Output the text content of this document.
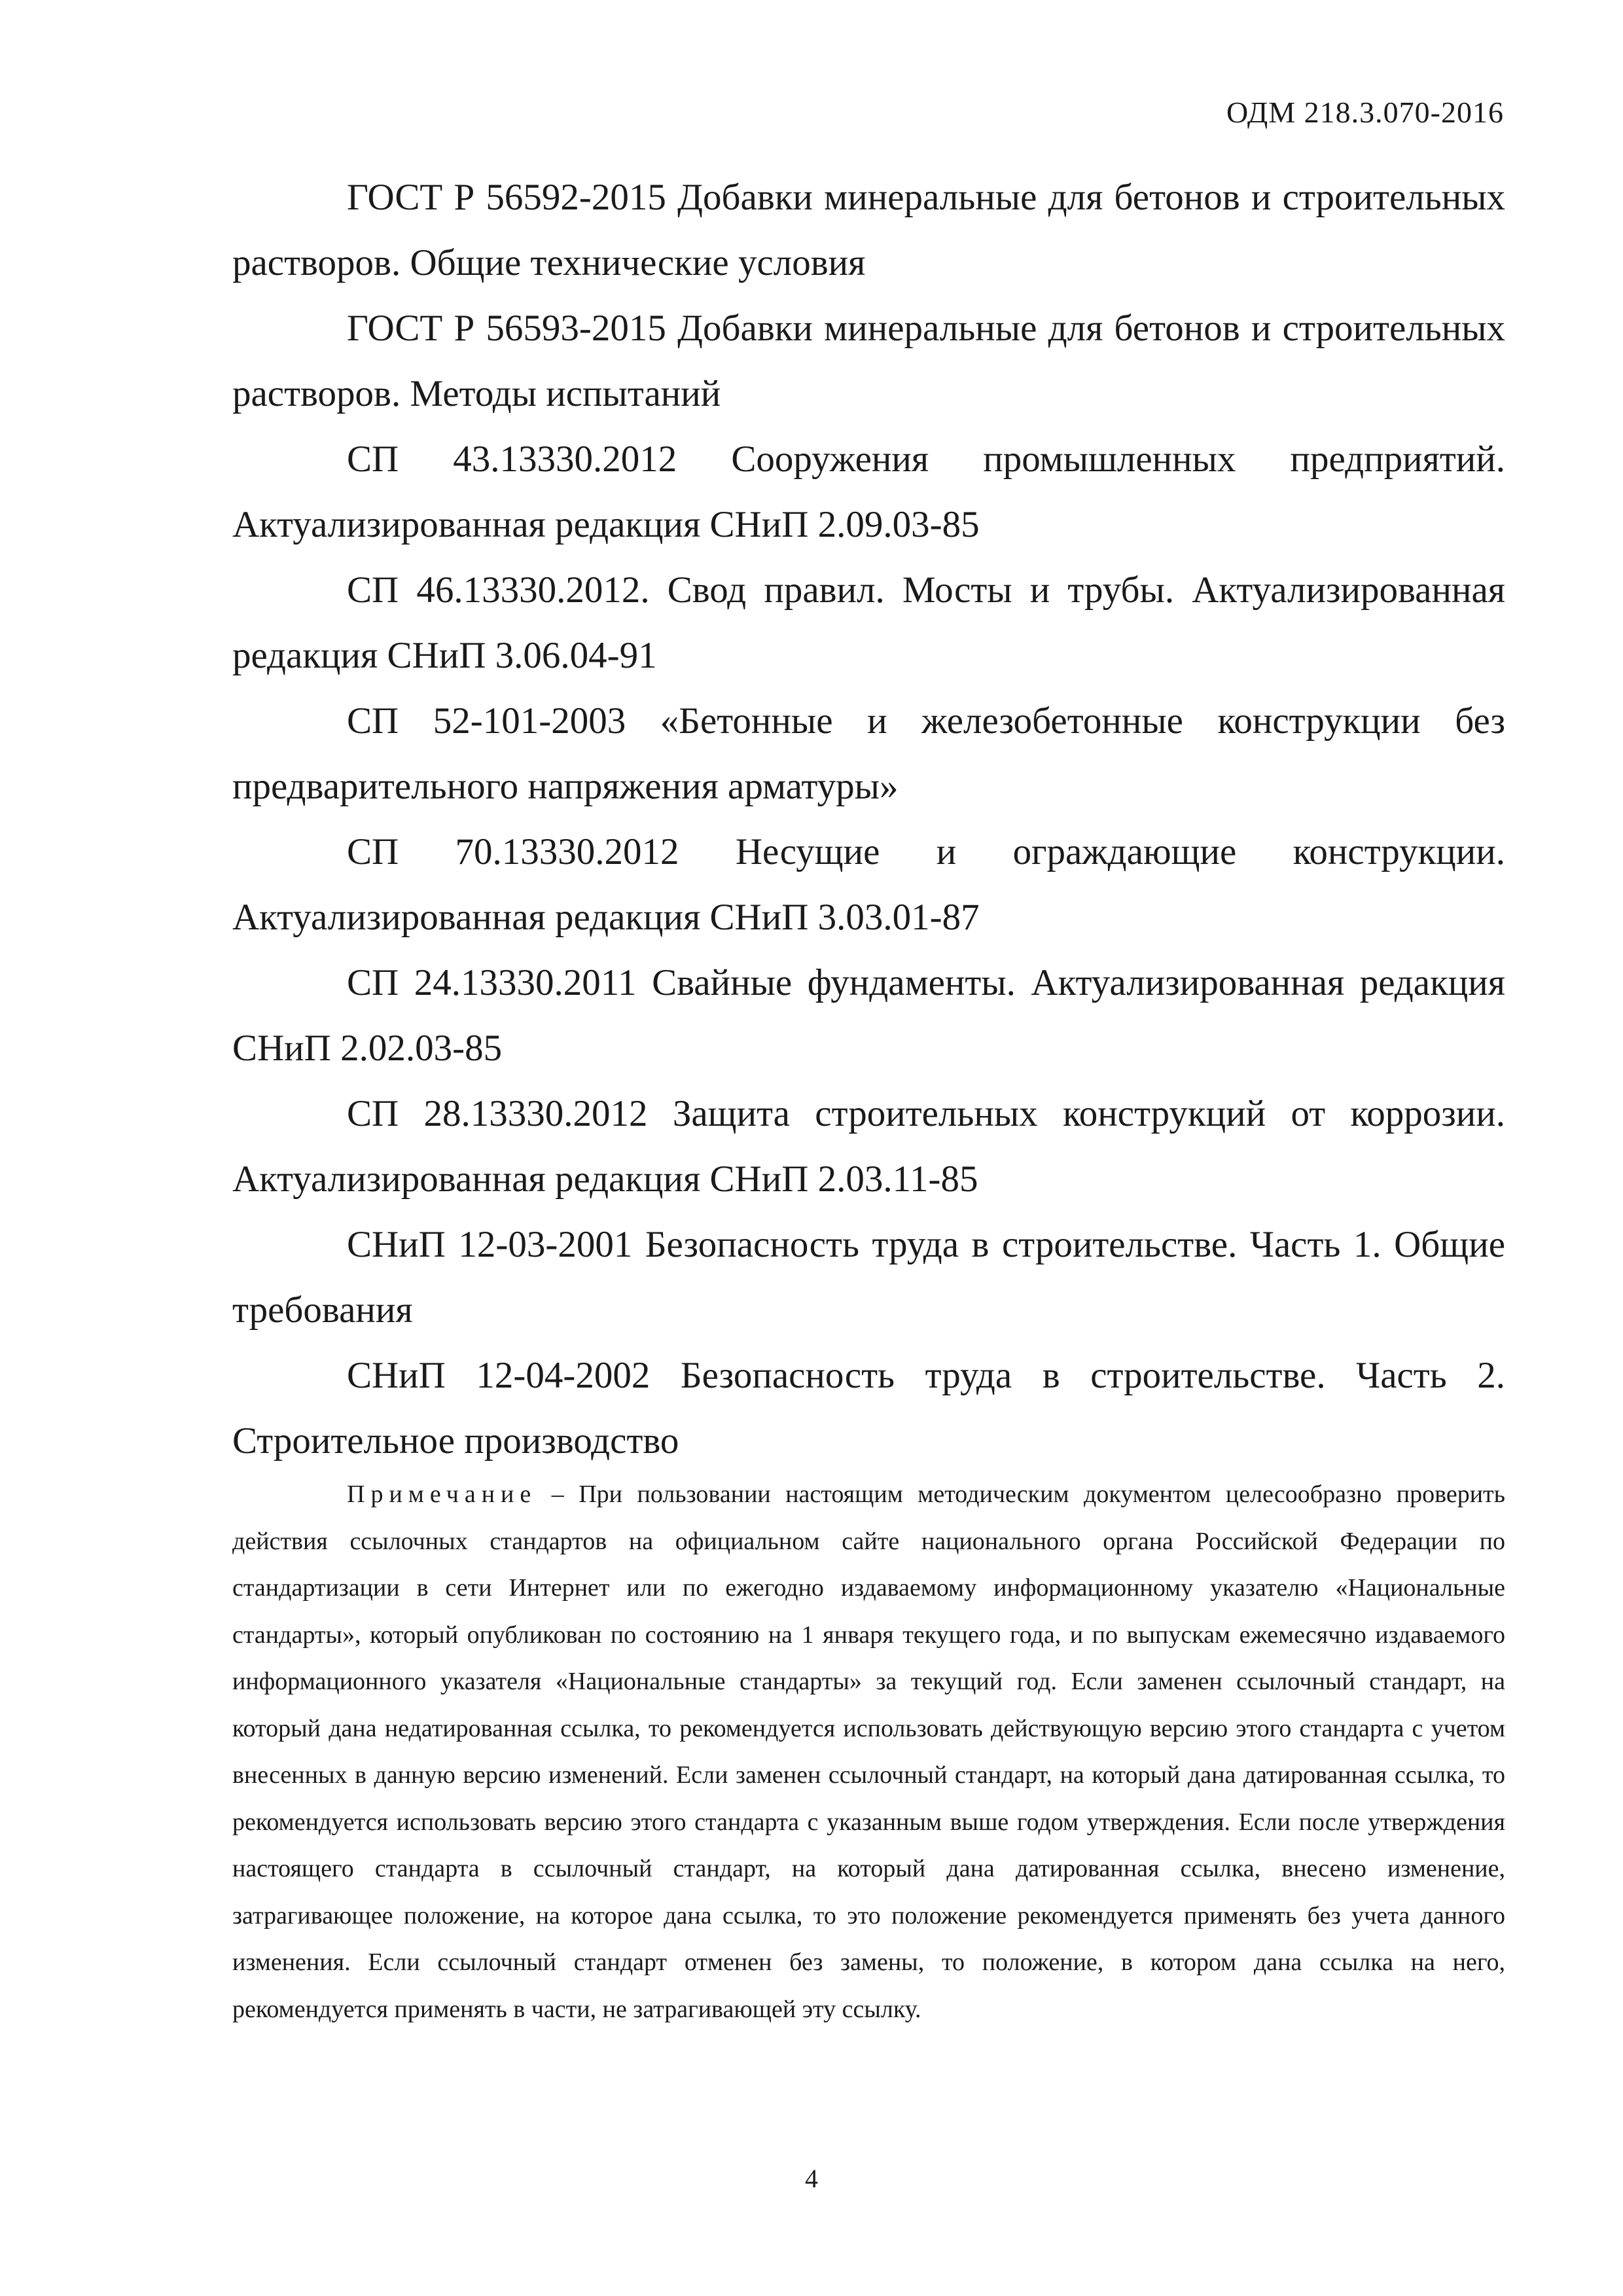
ОДМ 218.3.070-2016

ГОСТ Р 56592-2015 Добавки минеральные для бетонов и строительных растворов. Общие технические условия

ГОСТ Р 56593-2015 Добавки минеральные для бетонов и строительных растворов. Методы испытаний

СП 43.13330.2012 Сооружения промышленных предприятий. Актуализированная редакция СНиП 2.09.03-85

СП 46.13330.2012. Свод правил. Мосты и трубы. Актуализированная редакция СНиП 3.06.04-91

СП 52-101-2003 «Бетонные и железобетонные конструкции без предварительного напряжения арматуры»

СП 70.13330.2012 Несущие и ограждающие конструкции. Актуализированная редакция СНиП 3.03.01-87

СП 24.13330.2011 Свайные фундаменты. Актуализированная редакция СНиП 2.02.03-85

СП 28.13330.2012 Защита строительных конструкций от коррозии. Актуализированная редакция СНиП 2.03.11-85

СНиП 12-03-2001 Безопасность труда в строительстве. Часть 1. Общие требования

СНиП 12-04-2002 Безопасность труда в строительстве. Часть 2. Строительное производство

Примечание – При пользовании настоящим методическим документом целесообразно проверить действия ссылочных стандартов на официальном сайте национального органа Российской Федерации по стандартизации в сети Интернет или по ежегодно издаваемому информационному указателю «Национальные стандарты», который опубликован по состоянию на 1 января текущего года, и по выпускам ежемесячно издаваемого информационного указателя «Национальные стандарты» за текущий год. Если заменен ссылочный стандарт, на который дана недатированная ссылка, то рекомендуется использовать действующую версию этого стандарта с учетом внесенных в данную версию изменений. Если заменен ссылочный стандарт, на который дана датированная ссылка, то рекомендуется использовать версию этого стандарта с указанным выше годом утверждения. Если после утверждения настоящего стандарта в ссылочный стандарт, на который дана датированная ссылка, внесено изменение, затрагивающее положение, на которое дана ссылка, то это положение рекомендуется применять без учета данного изменения. Если ссылочный стандарт отменен без замены, то положение, в котором дана ссылка на него, рекомендуется применять в части, не затрагивающей эту ссылку.

4
